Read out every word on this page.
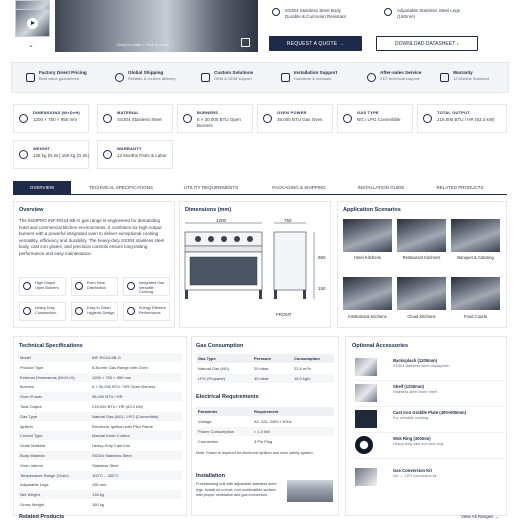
⌄	Drag to rotate • Click to zoom
SS304 Stainless Steel Body
Durable & Corrosion Resistant
Adjustable Stainless Steel Legs
(150mm)
REQUEST A QUOTE →	DOWNLOAD DATASHEET ↓
Factory Direct Pricing
Best value guaranteed
Global Shipping
Reliable & on-time delivery
Custom Solutions
OEM & ODM support
Installation Support
Guidance & manuals
After-sales Service
24/7 technical support
Warranty
12 Months Standard
DIMENSIONS (W×D×H)
1200 × 750 × 950 mm
MATERIAL
SS304 Stainless Steel
BURNERS
6 × 30,000 BTU Open Burners
OVEN POWER
36,000 BTU Gas Oven
GAS TYPE
NG / LPG Convertible
TOTAL OUTPUT
216,000 BTU / HR (63.3 kW)
WEIGHT
136 kg (N.W.) 160 kg (G.W.)
WARRANTY
12 Months Parts & Labor
OVERVIEW	TECHNICAL SPECIFICATIONS	UTILITY REQUIREMENTS	PACKAGING & SHIPPING	INSTALLATION GUIDE	RELATED PRODUCTS
Overview
The INDIPRO INF-RG24-6B-G gas range is engineered for demanding hotel and commercial kitchen environments. It combines six high-output burners with a powerful integrated oven to deliver exceptional cooking versatility, efficiency and durability. The heavy-duty SS304 stainless steel body, cast iron grates, and precision controls ensure long-lasting performance and easy maintenance.
High Output Open Burners
Even Heat Distribution
Integrated Gas Versatile Cooking
Heavy Duty Construction
Easy to Clean Hygienic Design
Energy Efficient Performance
Dimensions (mm)
1200	750
950
150
FRONT
Application Scenarios
Hotel Kitchens	Restaurant Kitchens	Banquet & Catering
Institutional Kitchens	Cloud Kitchens	Food Courts
Technical Specifications
Model	INF-RG24-6B-G
Product Type	6-Burner Gas Range with Oven
External Dimensions (W×D×H)	1200 × 750 × 950 mm
Burners	6 × 30,000 BTU / HR Open Burners
Oven Power	36,000 BTU / HR
Total Output	216,000 BTU / HR (63.3 kW)
Gas Type	Natural Gas (NG) / LPG (Convertible)
Ignition	Electronic Ignition with Pilot Flame
Control Type	Manual Knob Control
Grate Material	Heavy-Duty Cast Iron
Body Material	SS304 Stainless Steel
Oven Interior	Stainless Steel
Temperature Range (Oven)	100°C – 300°C
Adjustable Legs	150 mm
Net Weight	136 kg
Gross Weight	160 kg
Gas Consumption
Gas Type	Pressure	Consumption
Natural Gas (NG)	20 mbar	22.6 m³/h
LPG (Propane)	30 mbar	16.0 kg/h
Electrical Requirements
Parameter	Requirement
Voltage	AC 220–240V / 50Hz
Power Consumption	< 1.0 kW
Connection	3 Pin Plug
Note: Power is required for electronic ignition and oven safety system.
Installation
Freestanding unit with adjustable stainless steel legs. Install on a level, non-combustible surface with proper ventilation and gas connection.
Optional Accessories
Backsplash (1200mm)
SS304 stainless steel backsplash.
Shelf (1200mm)
Stainless steel lower shelf.
Cast Iron Griddle Plate (400×600mm)
For versatile cooking.
Wok Ring (300mm)
Heavy-duty cast iron wok ring.
Gas Conversion Kit
NG ↔ LPG conversion kit.
Related Products	View All Ranges →
